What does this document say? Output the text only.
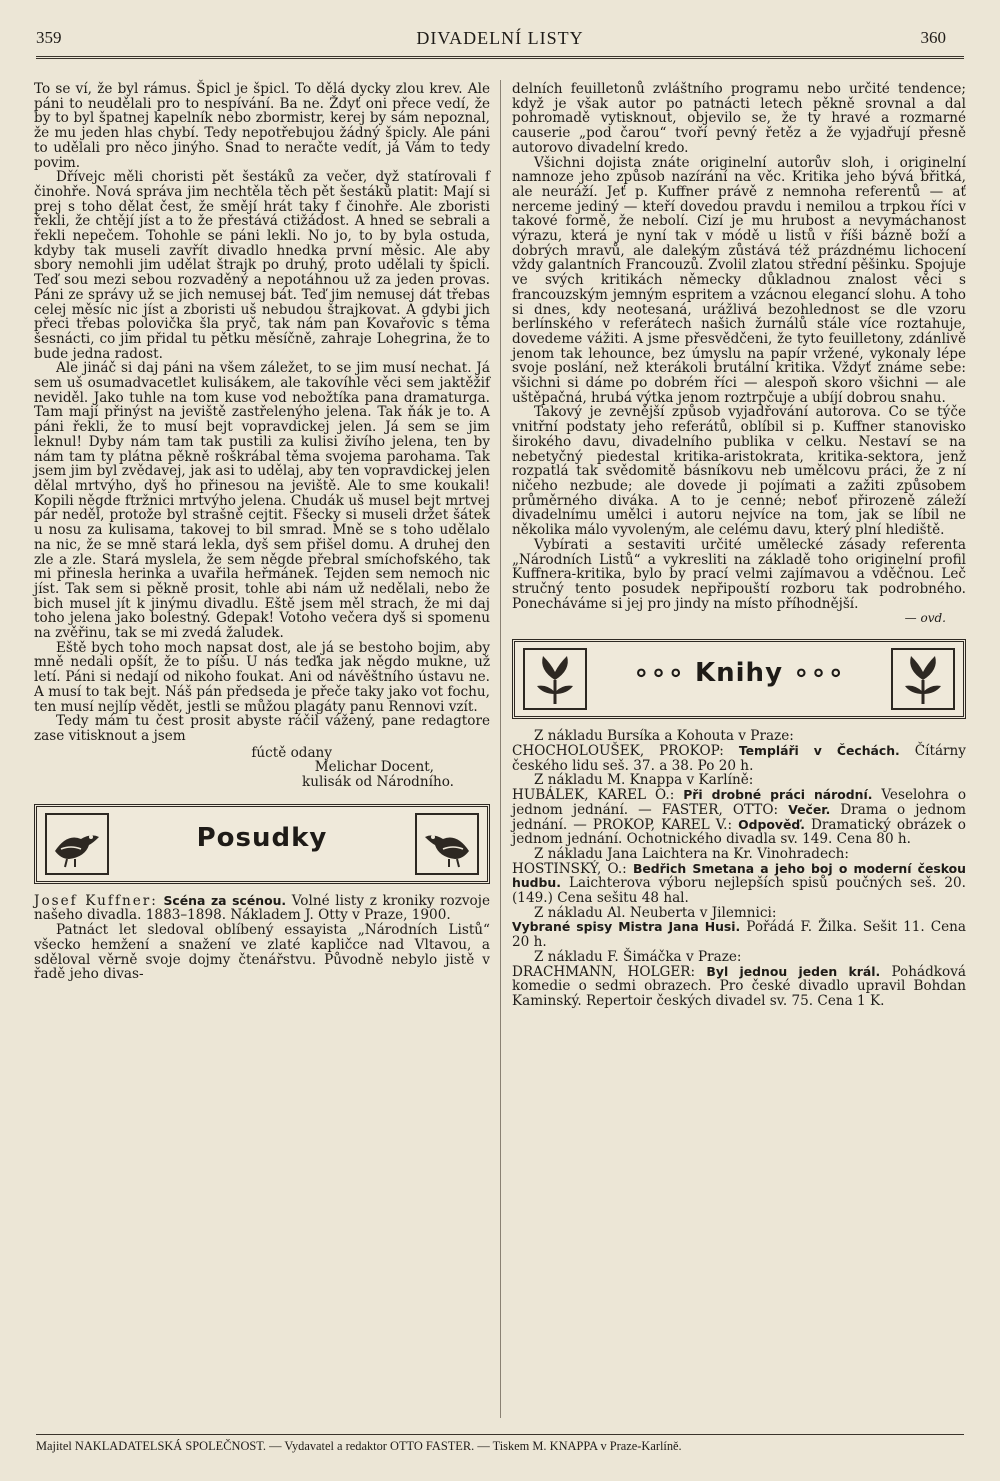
359	DIVADELNÍ LISTY	360

To se ví, že byl rámus. Špicl je špicl. To dělá dycky zlou krev. Ale páni to neudělali pro to nespívání. Ba ne. Ždyť oni přece vedí, že by to byl špatnej kapelník nebo zbormistr, kerej by sám nepoznal, že mu jeden hlas chybí. Tedy nepotřebujou žádný špicly. Ale páni to udělali pro něco jinýho. Snad to neračte vedít, já Vám to tedy povim.

Dřívejc měli choristi pět šestáků za večer, dyž statírovali f činohře. Nová správa jim nechtěla těch pět šestáků platit: Mají si prej s toho dělat čest, že smějí hrát taky f činohře. Ale zboristi řekli, že chtějí jíst a to že přestává ctižádost. A hned se sebrali a řekli nepečem. Tohohle se páni lekli. No jo, to by byla ostuda, kdyby tak museli zavřít divadlo hnedka první měsic. Ale aby sbory nemohli jim udělat štrajk po druhý, proto udělali ty špicli. Teď sou mezi sebou rozvaděný a nepotáhnou už za jeden provas. Páni ze správy už se jich nemusej bát. Teď jim nemusej dát třebas celej měsíc nic jíst a zboristi uš nebudou štrajkovat. A gdybi jich přeci třebas polovička šla pryč, tak nám pan Kovařovic s těma šesnácti, co jim přidal tu pětku měsíčně, zahraje Lohegrina, že to bude jedna radost.

Ale jináč si daj páni na všem záležet, to se jim musí nechat. Já sem uš osumadvacetlet kulisákem, ale takovíhle věci sem jaktěžif neviděl. Jako tuhle na tom kuse vod nebožtíka pana dramaturga. Tam mají přinýst na jeviště zastřelenýho jelena. Tak ňák je to. A páni řekli, že to musí bejt vopravdickej jelen. Já sem se jim leknul! Dyby nám tam tak pustili za kulisi živího jelena, ten by nám tam ty plátna pěkně roškrábal těma svojema parohama. Tak jsem jim byl zvědavej, jak asi to udělaj, aby ten vopravdickej jelen dělal mrtvýho, dyš ho přinesou na jeviště. Ale to sme koukali! Kopili něgde ftržnici mrtvýho jelena. Chudák uš musel bejt mrtvej pár neděl, protože byl strašně cejtit. Fšecky si museli držet šátek u nosu za kulisama, takovej to bil smrad. Mně se s toho udělalo na nic, že se mně stará lekla, dyš sem přišel domu. A druhej den zle a zle. Stará myslela, že sem něgde přebral smíchofského, tak mi přinesla herinka a uvařila heřmánek. Tejden sem nemoch nic jíst. Tak sem si pěkně prosit, tohle abi nám už nedělali, nebo že bich musel jít k jinýmu divadlu. Eště jsem měl strach, že mi daj toho jelena jako bolestný. Gdepak! Votoho večera dyš si spomenu na zvěřinu, tak se mi zvedá žaludek.

Eště bych toho moch napsat dost, ale já se bestoho bojim, aby mně nedali opšít, že to píšu. U nás teďka jak něgdo mukne, už letí. Páni si nedají od nikoho foukat. Ani od návěštního ústavu ne. A musí to tak bejt. Náš pán předseda je přeče taky jako vot fochu, ten musí nejlíp vědět, jestli se můžou plagáty panu Rennovi vzít.

Tedy mám tu čest prosit abyste ráčil vážený, pane redagtore zase vitisknout a jsem

fúctě odany
Melichar Docent,
kulisák od Národního.
Posudky

Josef Kuffner: Scéna za scénou. Volné listy z kroniky rozvoje našeho divadla. 1883–1898. Nákladem J. Otty v Praze, 1900.

Patnáct let sledoval oblíbený essayista „Národních Listů“ všecko hemžení a snažení ve zlaté kapličce nad Vltavou, a sděloval věrně svoje dojmy čtenářstvu. Původně nebylo jistě v řadě jeho divas-

delních feuilletonů zvláštního programu nebo určité tendence; když je však autor po patnácti letech pěkně srovnal a dal pohromadě vytisknout, objevilo se, že ty hravé a rozmarné causerie „pod čarou“ tvoří pevný řetěz a že vyjadřují přesně autorovo divadelní kredo.

Všichni dojista znáte originelní autorův sloh, i originelní namnoze jeho způsob nazírání na věc. Kritika jeho bývá břitká, ale neuráží. Jeť p. Kuffner právě z nemnoha referentů — ať nerceme jediný — kteří dovedou pravdu i nemilou a trpkou říci v takové formě, že nebolí. Cizí je mu hrubost a nevymáchanost výrazu, která je nyní tak v módě u listů v říši bázně boží a dobrých mravů, ale dalekým zůstává též prázdnému lichocení vždy galantních Francouzů. Zvolil zlatou střední pěšinku. Spojuje ve svých kritikách německy důkladnou znalost věci s francouzským jemným espritem a vzácnou elegancí slohu. A toho si dnes, kdy neotesaná, urážlivá bezohlednost se dle vzoru berlínského v referátech našich žurnálů stále více roztahuje, dovedeme vážiti. A jsme přesvědčeni, že tyto feuilletony, zdánlivě jenom tak lehounce, bez úmyslu na papír vržené, vykonaly lépe svoje poslání, než kterákoli brutální kritika. Vždyť známe sebe: všichni si dáme po dobrém říci — alespoň skoro všichni — ale uštěpačná, hrubá výtka jenom roztrpčuje a ubíjí dobrou snahu.

Takový je zevnější způsob vyjadřování autorova. Co se týče vnitřní podstaty jeho referátů, oblíbil si p. Kuffner stanovisko širokého davu, divadelního publika v celku. Nestaví se na nebetyčný piedestal kritika-aristokrata, kritika-sektora, jenž rozpatlá tak svědomitě básníkovu neb umělcovu práci, že z ní ničeho nezbude; ale dovede ji pojímati a zažiti způsobem průměrného diváka. A to je cenné; neboť přirozeně záleží divadelnímu umělci i autoru nejvíce na tom, jak se líbil ne několika málo vyvoleným, ale celému davu, který plní hlediště.

Vybírati a sestaviti určité umělecké zásady referenta „Národních Listů“ a vykresliti na základě toho originelní profil Kuffnera-kritika, bylo by prací velmi zajímavou a vděčnou. Leč stručný tento posudek nepřipouští rozboru tak podrobného. Ponecháváme si jej pro jindy na místo příhodnější.

— ovd.
∘∘∘ Knihy ∘∘∘
Z nákladu Bursíka a Kohouta v Praze:
CHOCHOLOUŠEK, PROKOP: Templáři v Čechách. Čítárny českého lidu seš. 37. a 38. Po 20 h.
Z nákladu M. Knappa v Karlíně:
HUBÁLEK, KAREL O.: Při drobné práci národní. Veselohra o jednom jednání. — FASTER, OTTO: Večer. Drama o jednom jednání. — PROKOP, KAREL V.: Odpověď. Dramatický obrázek o jednom jednání. Ochotnického divadla sv. 149. Cena 80 h.
Z nákladu Jana Laichtera na Kr. Vinohradech:
HOSTINSKÝ, O.: Bedřich Smetana a jeho boj o moderní českou hudbu. Laichterova výboru nejlepších spisů poučných seš. 20. (149.) Cena sešitu 48 hal.
Z nákladu Al. Neuberta v Jilemnici:
Vybrané spisy Mistra Jana Husi. Pořádá F. Žilka. Sešit 11. Cena 20 h.
Z nákladu F. Šimáčka v Praze:
DRACHMANN, HOLGER: Byl jednou jeden král. Pohádková komedie o sedmi obrazech. Pro české divadlo upravil Bohdan Kaminský. Repertoir českých divadel sv. 75. Cena 1 K.
Majitel NAKLADATELSKÁ SPOLEČNOST. — Vydavatel a redaktor OTTO FASTER. — Tiskem M. KNAPPA v Praze-Karlíně.
